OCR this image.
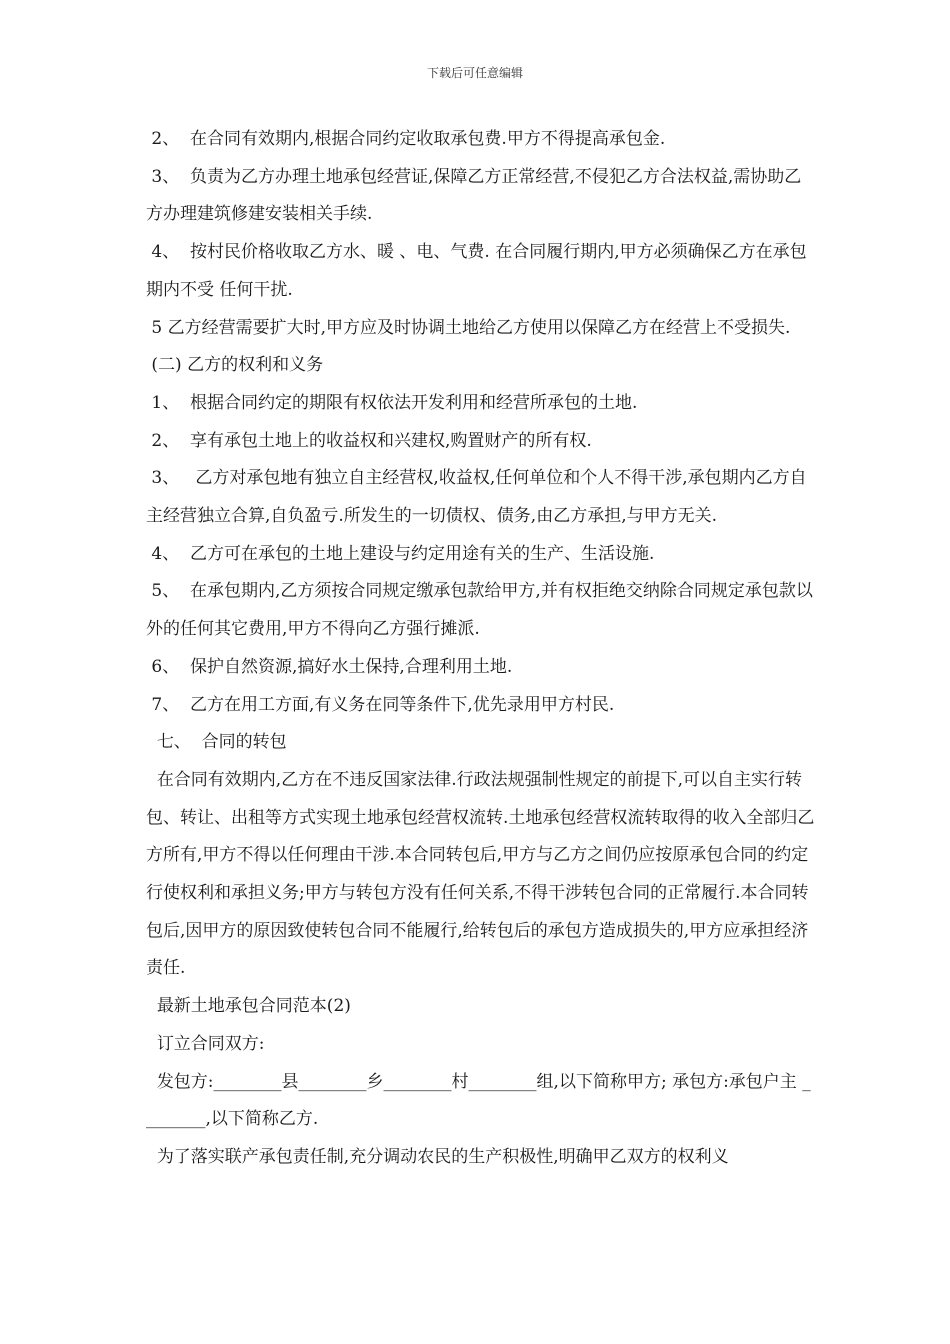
下载后可任意编辑

2、  在合同有效期内,根据合同约定收取承包费.甲方不得提高承包金.

3、  负责为乙方办理土地承包经营证,保障乙方正常经营,不侵犯乙方合法权益,需协助乙方办理建筑修建安装相关手续.

4、  按村民价格收取乙方水、暖 、电、气费. 在合同履行期内,甲方必须确保乙方在承包期内不受 任何干扰.

5 乙方经营需要扩大时,甲方应及时协调土地给乙方使用以保障乙方在经营上不受损失.

(二) 乙方的权利和义务

1、  根据合同约定的期限有权依法开发利用和经营所承包的土地.

2、  享有承包土地上的收益权和兴建权,购置财产的所有权.

3、   乙方对承包地有独立自主经营权,收益权,任何单位和个人不得干涉,承包期内乙方自主经营独立合算,自负盈亏.所发生的一切债权、债务,由乙方承担,与甲方无关.

4、  乙方可在承包的土地上建设与约定用途有关的生产、生活设施.

5、  在承包期内,乙方须按合同规定缴承包款给甲方,并有权拒绝交纳除合同规定承包款以外的任何其它费用,甲方不得向乙方强行摊派.

6、  保护自然资源,搞好水土保持,合理利用土地.

7、  乙方在用工方面,有义务在同等条件下,优先录用甲方村民.

七、  合同的转包

在合同有效期内,乙方在不违反国家法律.行政法规强制性规定的前提下,可以自主实行转包、转让、出租等方式实现土地承包经营权流转.土地承包经营权流转取得的收入全部归乙方所有,甲方不得以任何理由干涉.本合同转包后,甲方与乙方之间仍应按原承包合同的约定行使权利和承担义务;甲方与转包方没有任何关系,不得干涉转包合同的正常履行.本合同转包后,因甲方的原因致使转包合同不能履行,给转包后的承包方造成损失的,甲方应承担经济责任.

最新土地承包合同范本(2)

订立合同双方:

发包方:________县________乡________村________组,以下简称甲方; 承包方:承包户主 ________,以下简称乙方.

为了落实联产承包责任制,充分调动农民的生产积极性,明确甲乙双方的权利义
